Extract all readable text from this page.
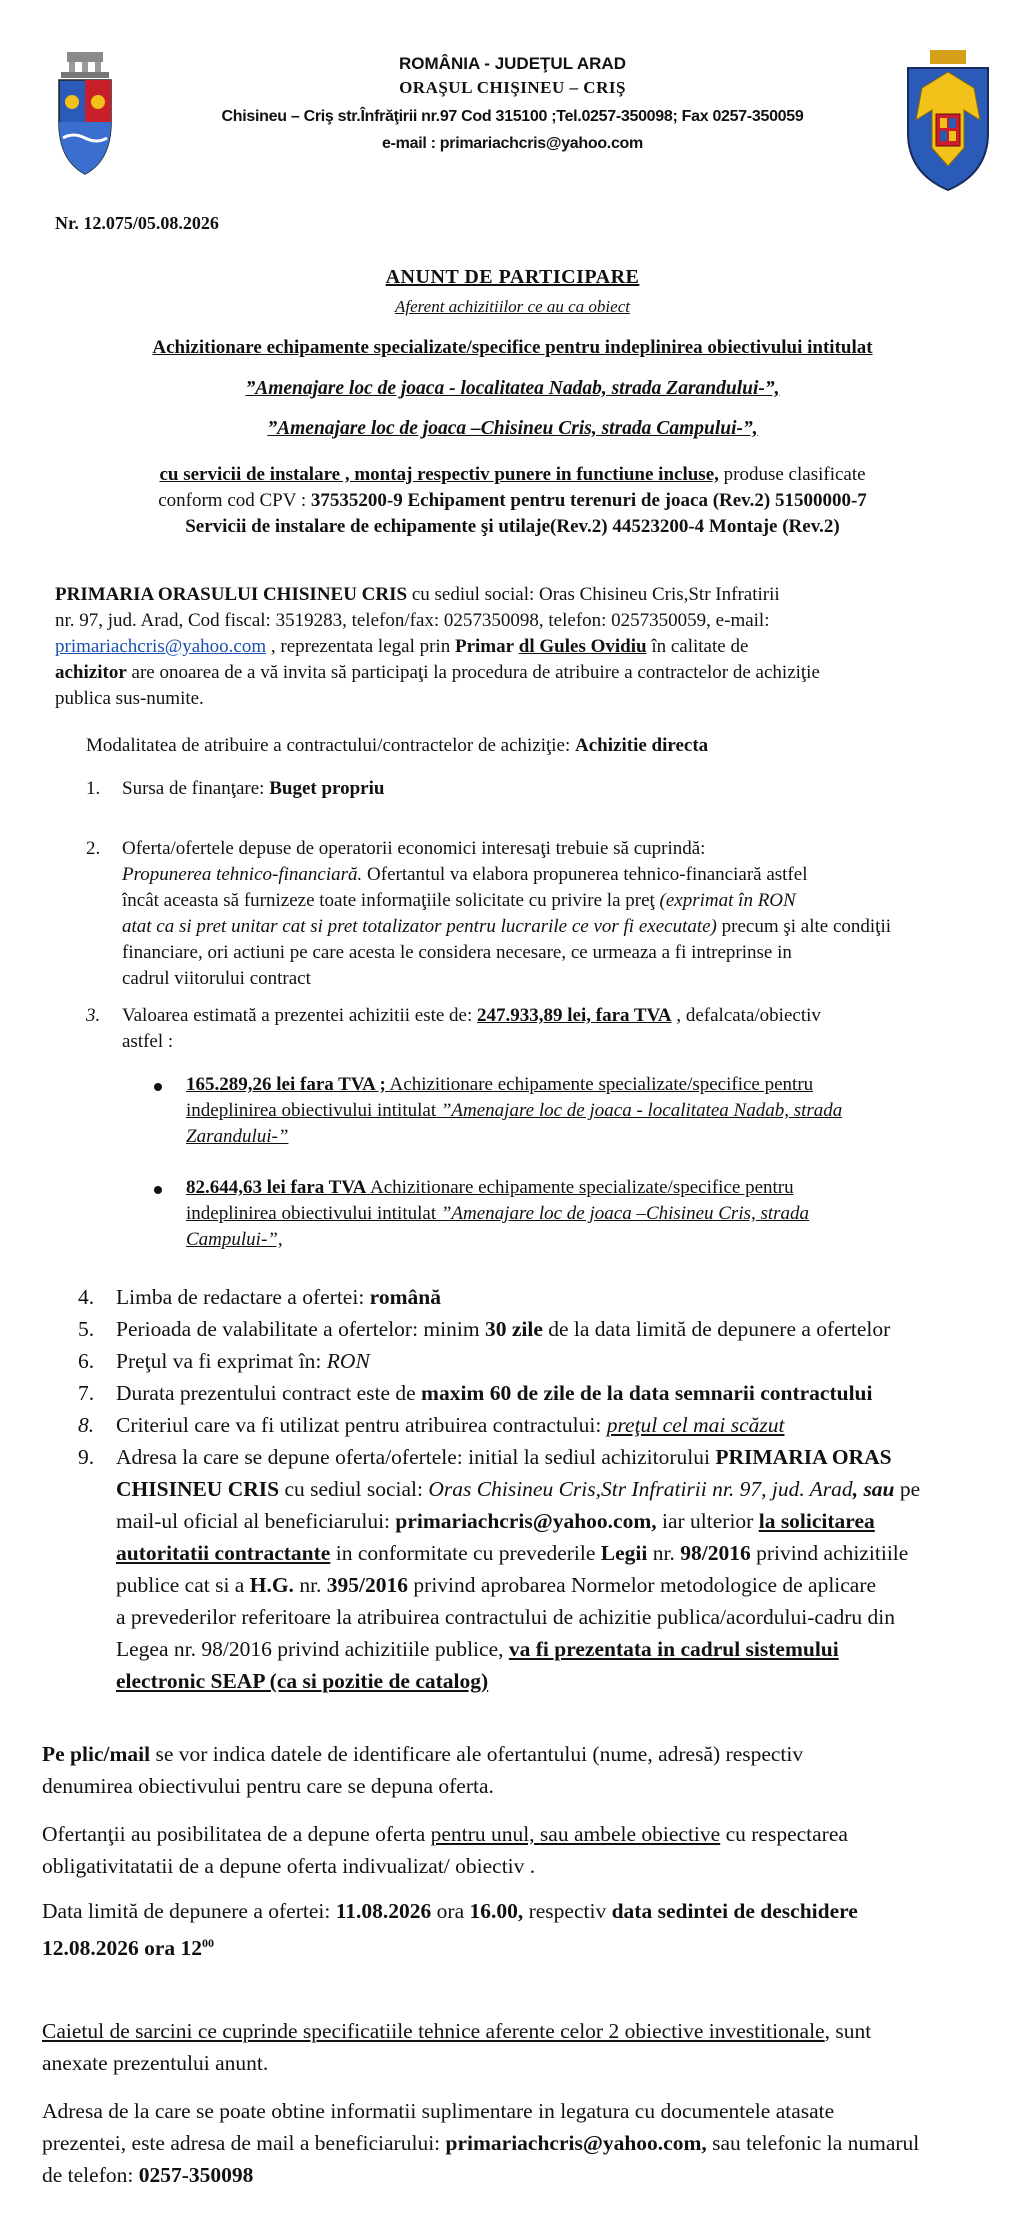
ROMÂNIA - JUDEŢUL ARAD
ORAŞUL CHIŞINEU – CRIŞ
Chisineu – Criş str.Înfrăţirii nr.97 Cod 315100 ;Tel.0257-350098; Fax 0257-350059
e-mail : primariachcris@yahoo.com
Nr. 12.075/05.08.2026
ANUNT DE PARTICIPARE
Aferent achizitiilor ce au ca obiect
Achizitionare echipamente specializate/specifice pentru indeplinirea obiectivului intitulat
”Amenajare loc de joaca - localitatea Nadab, strada Zarandului-”,
”Amenajare loc de joaca –Chisineu Cris, strada Campului-”,
cu servicii de instalare , montaj respectiv punere in functiune incluse, produse clasificate
conform cod CPV : 37535200-9 Echipament pentru terenuri de joaca (Rev.2) 51500000-7
Servicii de instalare de echipamente şi utilaje(Rev.2) 44523200-4 Montaje (Rev.2)
PRIMARIA ORASULUI CHISINEU CRIS cu sediul social: Oras Chisineu Cris,Str Infratirii
nr. 97, jud. Arad, Cod fiscal: 3519283, telefon/fax: 0257350098, telefon: 0257350059, e-mail:
primariachcris@yahoo.com , reprezentata legal prin Primar dl Gules Ovidiu în calitate de
achizitor are onoarea de a vă invita să participaţi la procedura de atribuire a contractelor de achiziţie
publica sus-numite.
Modalitatea de atribuire a contractului/contractelor de achiziţie: Achizitie directa
1. Sursa de finanţare: Buget propriu
2. Oferta/ofertele depuse de operatorii economici interesaţi trebuie să cuprindă:
Propunerea tehnico-financiară. Ofertantul va elabora propunerea tehnico-financiară astfel
încât aceasta să furnizeze toate informaţiile solicitate cu privire la preţ (exprimat în RON
atat ca si pret unitar cat si pret totalizator pentru lucrarile ce vor fi executate) precum şi alte condiţii
financiare, ori actiuni pe care acesta le considera necesare, ce urmeaza a fi intreprinse in
cadrul viitorului contract
3. Valoarea estimată a prezentei achizitii este de: 247.933,89 lei, fara TVA , defalcata/obiectiv
astfel :
165.289,26 lei fara TVA ; Achizitionare echipamente specializate/specifice pentru
indeplinirea obiectivului intitulat ”Amenajare loc de joaca - localitatea Nadab, strada
Zarandului-”
82.644,63 lei fara TVA Achizitionare echipamente specializate/specifice pentru
indeplinirea obiectivului intitulat ”Amenajare loc de joaca –Chisineu Cris, strada Campului-”,
4. Limba de redactare a ofertei: română
5. Perioada de valabilitate a ofertelor: minim 30 zile de la data limită de depunere a ofertelor
6. Preţul va fi exprimat în: RON
7. Durata prezentului contract este de maxim 60 de zile de la data semnarii contractului
8. Criteriul care va fi utilizat pentru atribuirea contractului: preţul cel mai scăzut
9. Adresa la care se depune oferta/ofertele: initial la sediul achizitorului PRIMARIA ORAS
CHISINEU CRIS cu sediul social: Oras Chisineu Cris,Str Infratirii nr. 97, jud. Arad, sau pe
mail-ul oficial al beneficiarului: primariachcris@yahoo.com, iar ulterior la solicitarea
autoritatii contractante in conformitate cu prevederile Legii nr. 98/2016 privind achizitiile
publice cat si a H.G. nr. 395/2016 privind aprobarea Normelor metodologice de aplicare
a prevederilor referitoare la atribuirea contractului de achizitie publica/acordului-cadru din
Legea nr. 98/2016 privind achizitiile publice, va fi prezentata in cadrul sistemului
electronic SEAP (ca si pozitie de catalog)
Pe plic/mail se vor indica datele de identificare ale ofertantului (nume, adresă) respectiv
denumirea obiectivului pentru care se depuna oferta.
Ofertanţii au posibilitatea de a depune oferta pentru unul, sau ambele obiective cu respectarea
obligativitatatii de a depune oferta indivualizat/ obiectiv .
Data limită de depunere a ofertei: 11.08.2026 ora 16.00, respectiv data sedintei de deschidere
12.08.2026 ora $12^{00}$
Caietul de sarcini ce cuprinde specificatiile tehnice aferente celor 2 obiective investitionale, sunt
anexate prezentului anunt.
Adresa de la care se poate obtine informatii suplimentare in legatura cu documentele atasate
prezentei, este adresa de mail a beneficiarului: primariachcris@yahoo.com, sau telefonic la numarul
de telefon: 0257-350098
